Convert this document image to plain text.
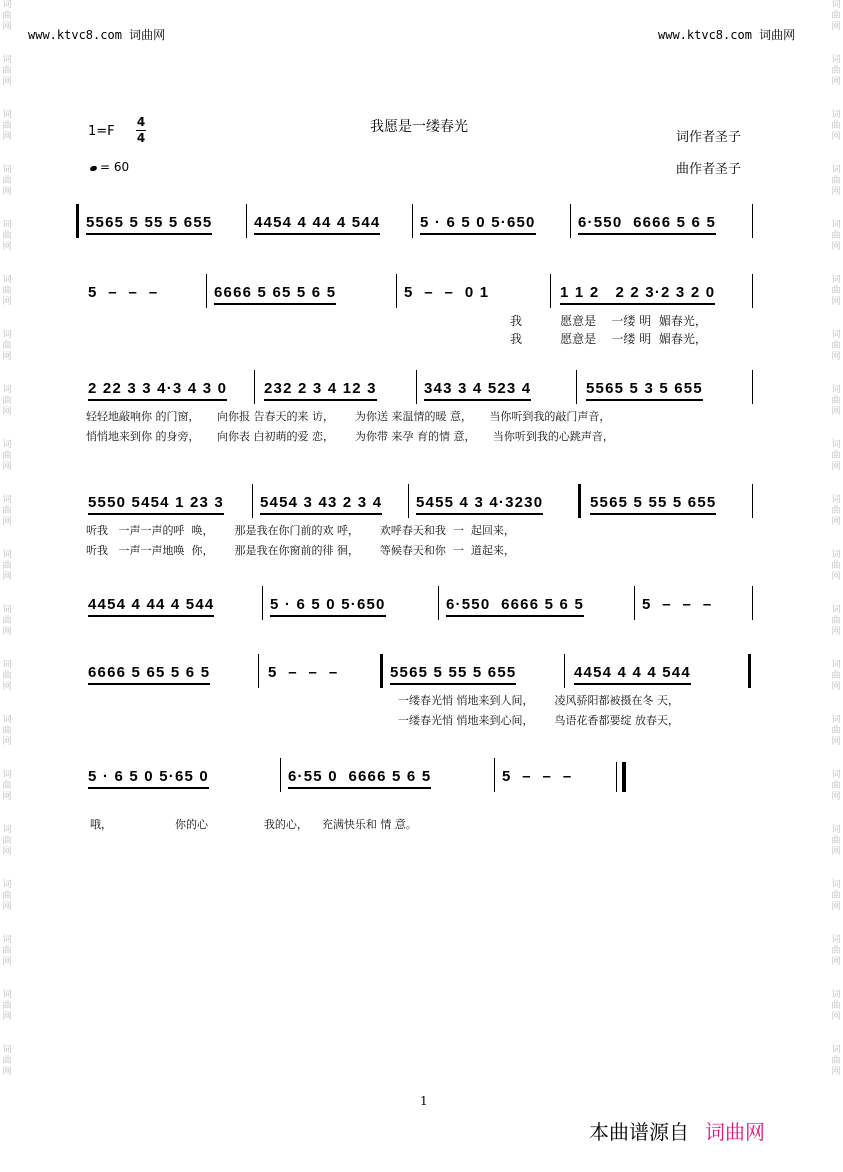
词
曲
网

词
曲
网

词
曲
网

词
曲
网

词
曲
网

词
曲
网

词
曲
网

词
曲
网

词
曲
网

词
曲
网

词
曲
网

词
曲
网

词
曲
网

词
曲
网

词
曲
网

词
曲
网

词
曲
网

词
曲
网

词
曲
网

词
曲
网

词
曲
网

词
曲
网

词
曲
网

词
曲
网

词
曲
网

词
曲
网

词
曲
网

词
曲
网

词
曲
网

词
曲
网

词
曲
网

词
曲
网

词
曲
网

词
曲
网

词
曲
网

词
曲
网

词
曲
网

词
曲
网

词
曲
网

词
曲
网

www.ktvc8.com 词曲网	www.ktvc8.com 词曲网
我愿是一缕春光
1=F
4
4
= 60
词作者圣子
曲作者圣子
5565 5 55 5 655	4454 4 44 4 544	5 · 6 5 0 5·650	6·550  6666 5 6 5
5  –  –  –	6666 5 65 5 6 5	5  –  –  0 1	1 1 2   2 2 3·2 3 2 0
我          愿意是    一缕 明  媚春光，
我          愿意是    一缕 明  媚春光，
2 22 3 3 4·3 4 3 0 232 2 3 4 12 3	343 3 4 523 4	5565 5 3 5 655
轻轻地敲响你 的门窗，     向你报 告春天的来 访，      为你送 来温情的暖 意，     当你听到我的敲门声音，
悄悄地来到你 的身旁，     向你表 白初萌的爱 恋，      为你带 来孕 育的情 意，     当你听到我的心跳声音，
5550 5454 1 23 3 5454 3 43 2 3 4 5455 4 3 4·3230	5565 5 55 5 655
听我   一声一声的呼  唤，      那是我在你门前的欢 呼，      欢呼春天和我  一  起回来，
听我   一声一声地唤  你，      那是我在你窗前的徘 徊，      等候春天和你  一  道起来，
4454 4 44 4 544	5 · 6 5 0 5·650	6·550  6666 5 6 5	5  –  –  –
6666 5 65 5 6 5	5  –  –  –	5565 5 55 5 655	4454 4 4 4 544
一缕春光悄 悄地来到人间，      凌风骄阳都被摄在冬 天，
一缕春光悄 悄地来到心间，      鸟语花香都要绽 放春天，
5 · 6 5 0 5·65 0	6·55 0  6666 5 6 5	5  –  –  –
哦，                  你的心                我的心，    充满快乐和 情 意。
1
本曲谱源自 词曲网
